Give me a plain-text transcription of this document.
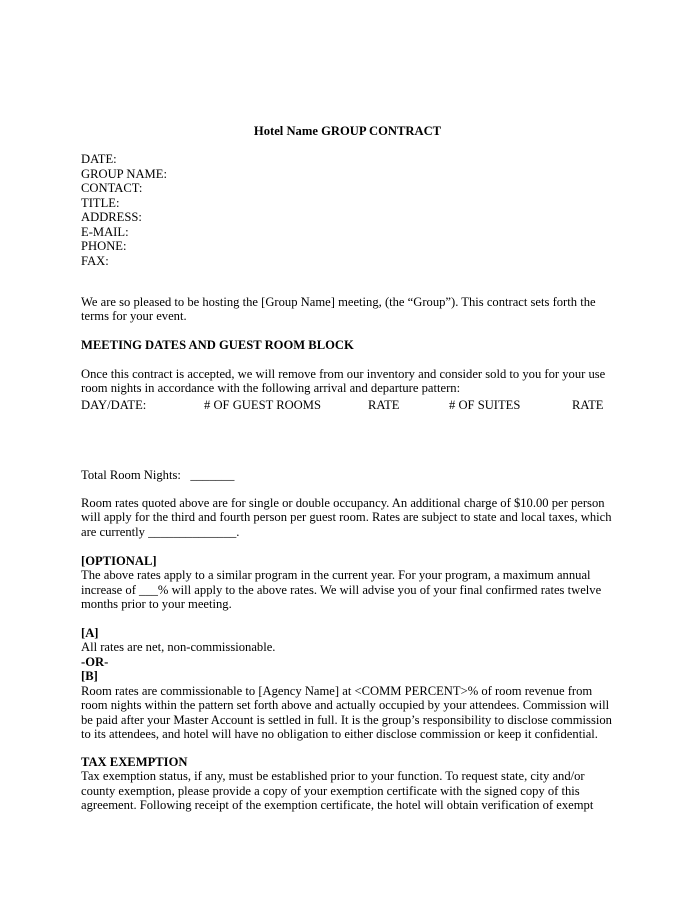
Hotel Name GROUP CONTRACT
DATE:
GROUP NAME:
CONTACT:
TITLE:
ADDRESS:
E-MAIL:
PHONE:
FAX:

We are so pleased to be hosting the [Group Name] meeting, (the “Group”). This contract sets forth the terms for your event.

MEETING DATES AND GUEST ROOM BLOCK

Once this contract is accepted, we will remove from our inventory and consider sold to you for your use room nights in accordance with the following arrival and departure pattern:

DAY/DATE:	# OF GUEST ROOMS	RATE	# OF SUITES	RATE

Total Room Nights:   _______

Room rates quoted above are for single or double occupancy. An additional charge of $10.00 per person will apply for the third and fourth person per guest room. Rates are subject to state and local taxes, which are currently ______________.

[OPTIONAL]

The above rates apply to a similar program in the current year. For your program, a maximum annual increase of ___% will apply to the above rates. We will advise you of your final confirmed rates twelve months prior to your meeting.

[A]

All rates are net, non-commissionable.

-OR-

[B]

Room rates are commissionable to [Agency Name] at <COMM PERCENT>% of room revenue from room nights within the pattern set forth above and actually occupied by your attendees. Commission will be paid after your Master Account is settled in full. It is the group’s responsibility to disclose commission to its attendees, and hotel will have no obligation to either disclose commission or keep it confidential.

TAX EXEMPTION

Tax exemption status, if any, must be established prior to your function. To request state, city and/or county exemption, please provide a copy of your exemption certificate with the signed copy of this agreement. Following receipt of the exemption certificate, the hotel will obtain verification of exempt
